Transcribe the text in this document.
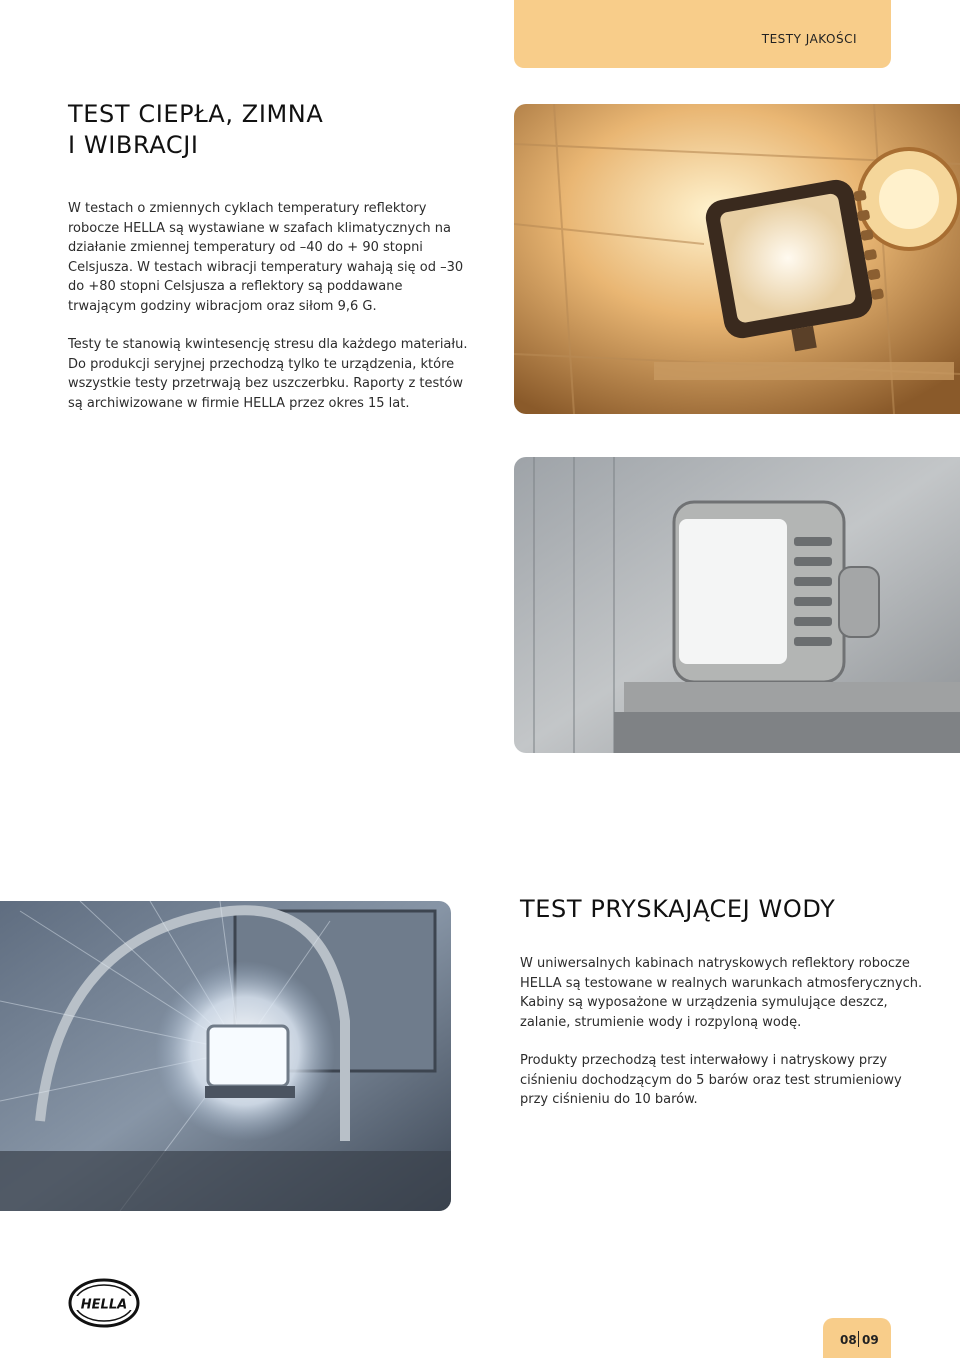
TESTY JAKOŚCI
TEST CIEPŁA, ZIMNA
I WIBRACJI

W testach o zmiennych cyklach temperatury reflektory robocze HELLA są wystawiane w szafach klimatycznych na działanie zmiennej temperatury od –40 do + 90 stopni Celsjusza. W testach wibracji temperatury wahają się od –30 do +80 stopni Celsjusza a reflektory są poddawane trwającym godziny wibracjom oraz siłom 9,6 G.

Testy te stanowią kwintesencję stresu dla każdego materiału. Do produkcji seryjnej przechodzą tylko te urządzenia, które wszystkie testy przetrwają bez uszczerbku. Raporty z testów są archiwizowane w firmie HELLA przez okres 15 lat.

TEST PRYSKAJĄCEJ WODY

W uniwersalnych kabinach natryskowych reflektory robocze HELLA są testowane w realnych warunkach atmosferycznych. Kabiny są wyposażone w urządzenia symulujące deszcz, zalanie, strumienie wody i rozpyloną wodę.

Produkty przechodzą test interwałowy i natryskowy przy ciśnieniu dochodzącym do 5 barów oraz test strumieniowy przy ciśnieniu do 10 barów.

HELLA
08 09
